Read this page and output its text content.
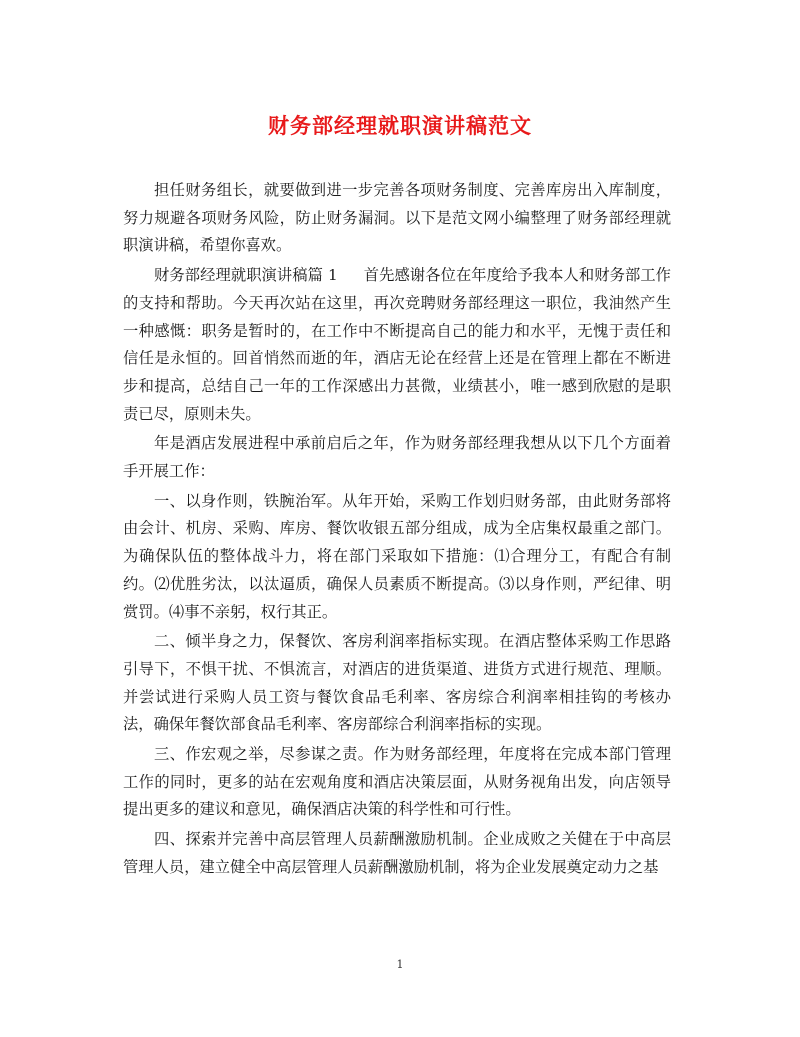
财务部经理就职演讲稿范文

担任财务组长，就要做到进一步完善各项财务制度、完善库房出入库制度，努力规避各项财务风险，防止财务漏洞。以下是范文网小编整理了财务部经理就职演讲稿，希望你喜欢。

财务部经理就职演讲稿篇 1 首先感谢各位在年度给予我本人和财务部工作的支持和帮助。今天再次站在这里，再次竞聘财务部经理这一职位，我油然产生一种感慨：职务是暂时的，在工作中不断提高自己的能力和水平，无愧于责任和信任是永恒的。回首悄然而逝的年，酒店无论在经营上还是在管理上都在不断进步和提高，总结自己一年的工作深感出力甚微，业绩甚小，唯一感到欣慰的是职责已尽，原则未失。

年是酒店发展进程中承前启后之年，作为财务部经理我想从以下几个方面着手开展工作：

一、以身作则，铁腕治军。从年开始，采购工作划归财务部，由此财务部将由会计、机房、采购、库房、餐饮收银五部分组成，成为全店集权最重之部门。为确保队伍的整体战斗力，将在部门采取如下措施：⑴合理分工，有配合有制约。⑵优胜劣汰，以汰逼质，确保人员素质不断提高。⑶以身作则，严纪律、明赏罚。⑷事不亲躬，权行其正。

二、倾半身之力，保餐饮、客房利润率指标实现。在酒店整体采购工作思路引导下，不惧干扰、不惧流言，对酒店的进货渠道、进货方式进行规范、理顺。并尝试进行采购人员工资与餐饮食品毛利率、客房综合利润率相挂钩的考核办法，确保年餐饮部食品毛利率、客房部综合利润率指标的实现。

三、作宏观之举，尽参谋之责。作为财务部经理，年度将在完成本部门管理工作的同时，更多的站在宏观角度和酒店决策层面，从财务视角出发，向店领导提出更多的建议和意见，确保酒店决策的科学性和可行性。

四、探索并完善中高层管理人员薪酬激励机制。企业成败之关健在于中高层管理人员，建立健全中高层管理人员薪酬激励机制，将为企业发展奠定动力之基

1
